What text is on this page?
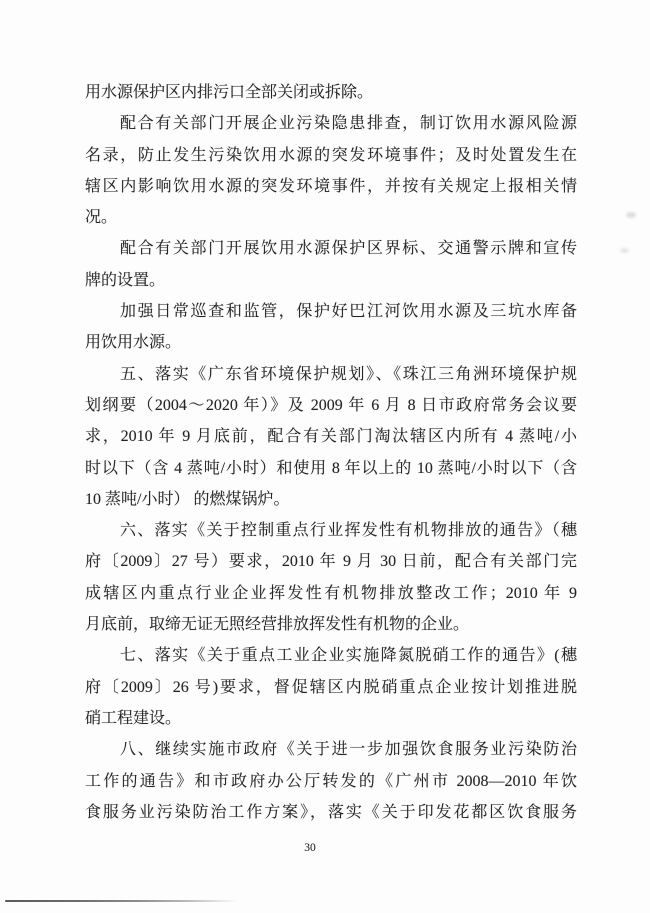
用水源保护区内排污口全部关闭或拆除。
配合有关部门开展企业污染隐患排查，制订饮用水源风险源
名录，防止发生污染饮用水源的突发环境事件；及时处置发生在
辖区内影响饮用水源的突发环境事件，并按有关规定上报相关情
况。
配合有关部门开展饮用水源保护区界标、交通警示牌和宣传
牌的设置。
加强日常巡查和监管，保护好巴江河饮用水源及三坑水库备
用饮用水源。
五、落实《广东省环境保护规划》、《珠江三角洲环境保护规
划纲要（2004～2020 年）》及 2009 年 6 月 8 日市政府常务会议要
求，2010 年 9 月底前，配合有关部门淘汰辖区内所有 4 蒸吨/小
时以下（含 4 蒸吨/小时）和使用 8 年以上的 10 蒸吨/小时以下（含
10 蒸吨/小时） 的燃煤锅炉。
六、落实《关于控制重点行业挥发性有机物排放的通告》（穗
府〔2009〕27 号）要求，2010 年 9 月 30 日前，配合有关部门完
成辖区内重点行业企业挥发性有机物排放整改工作；2010 年 9
月底前，取缔无证无照经营排放挥发性有机物的企业。
七、落实《关于重点工业企业实施降氮脱硝工作的通告》(穗
府〔2009〕26 号)要求，督促辖区内脱硝重点企业按计划推进脱
硝工程建设。
八、继续实施市政府《关于进一步加强饮食服务业污染防治
工作的通告》和市政府办公厅转发的《广州市 2008—2010 年饮
食服务业污染防治工作方案》，落实《关于印发花都区饮食服务
30
